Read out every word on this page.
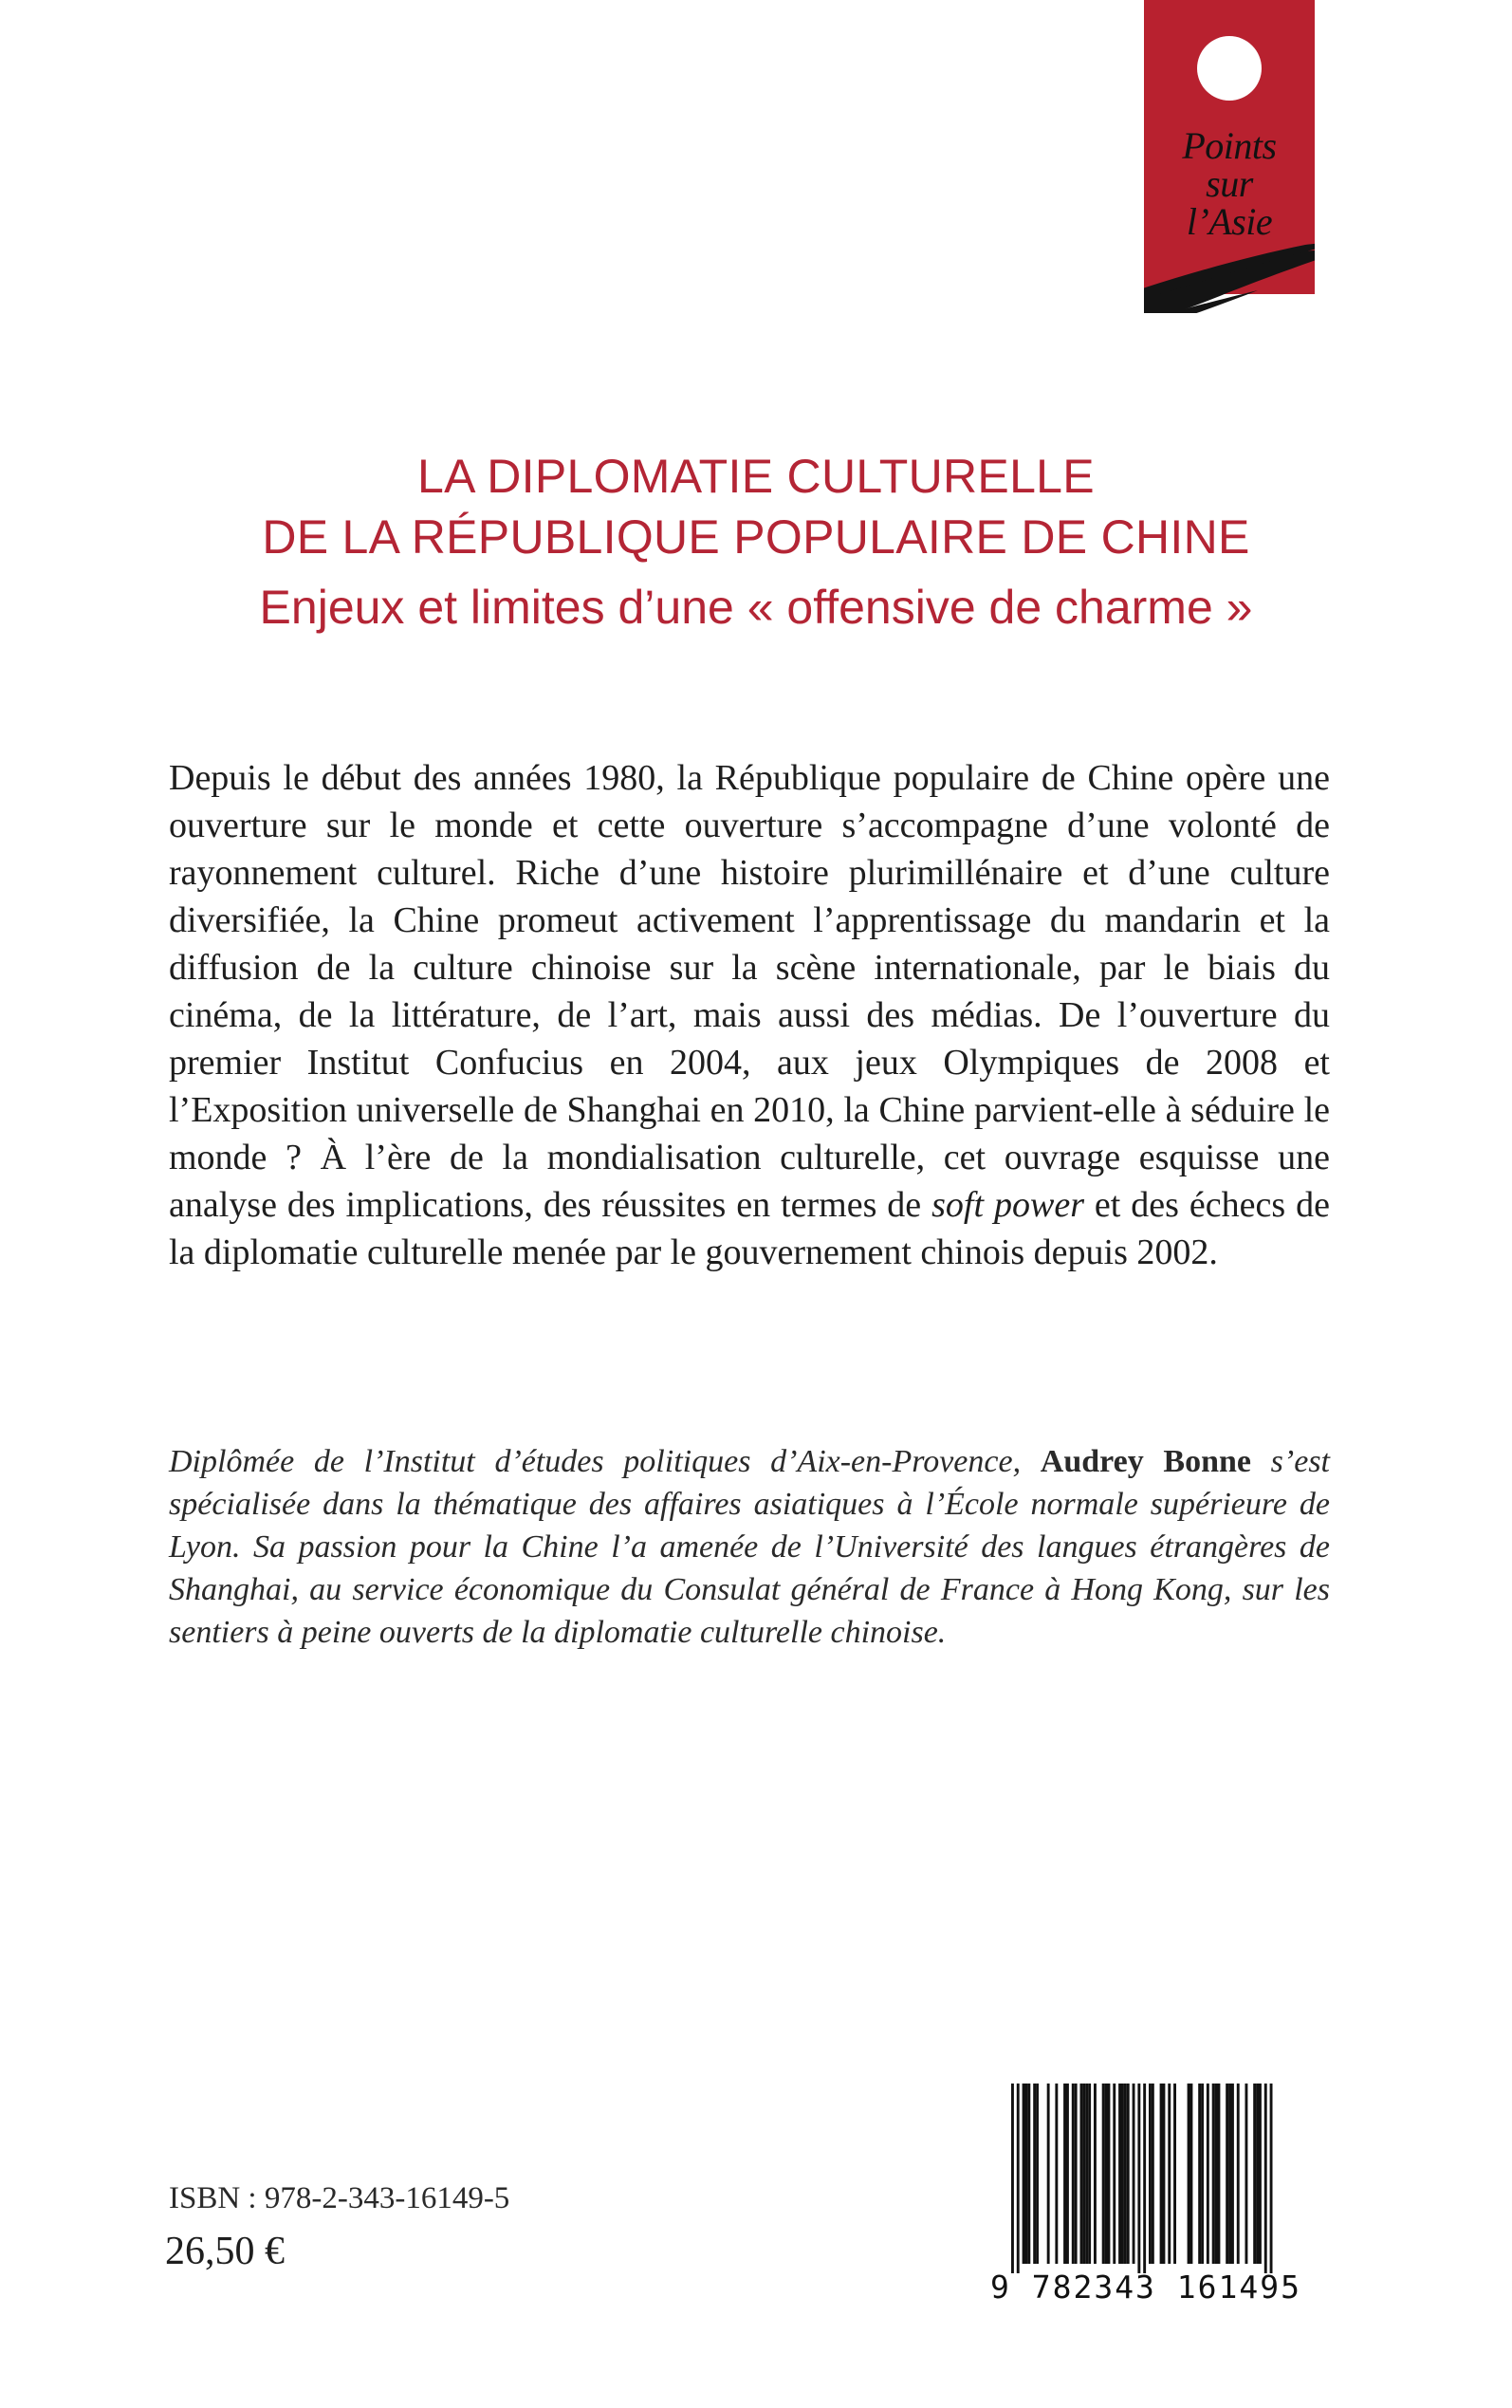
Points
sur
l’Asie

LA DIPLOMATIE CULTURELLE

DE LA RÉPUBLIQUE POPULAIRE DE CHINE

Enjeux et limites d’une « offensive de charme »

Depuis le début des années 1980, la République populaire de Chine opère une ouverture sur le monde et cette ouverture s’accompagne d’une volonté de rayonnement culturel. Riche d’une histoire plurimillénaire et d’une culture diversifiée, la Chine promeut activement l’apprentissage du mandarin et la diffusion de la culture chinoise sur la scène internationale, par le biais du cinéma, de la littérature, de l’art, mais aussi des médias. De l’ouverture du premier Institut Confucius en 2004, aux jeux Olympiques de 2008 et l’Exposition universelle de Shanghai en 2010, la Chine parvient-elle à séduire le monde ? À l’ère de la mondialisation culturelle, cet ouvrage esquisse une analyse des implications, des réussites en termes de soft power et des échecs de la diplomatie culturelle menée par le gouvernement chinois depuis 2002.

Diplômée de l’Institut d’études politiques d’Aix-en-Provence, Audrey Bonne s’est spécialisée dans la thématique des affaires asiatiques à l’École normale supérieure de Lyon. Sa passion pour la Chine l’a amenée de l’Université des langues étrangères de Shanghai, au service économique du Consulat général de France à Hong Kong, sur les sentiers à peine ouverts de la diplomatie culturelle chinoise.

ISBN : 978-2-343-16149-5
26,50 €
9 782343 161495
